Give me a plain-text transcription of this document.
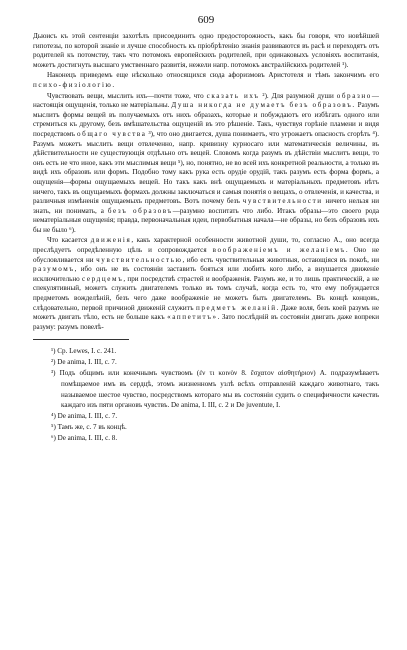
609

Дьюисъ къ этой сентенціи захотѣлъ присоединить одно предосторожность, какъ бы говоря, что новѣйшей гипотезы, по которой знаніе и лучше способность къ пріобрѣтенію знанія развиваются въ расѣ и переходятъ отъ родителей къ потомству, такъ что потомокъ европейскихъ родителей, при одинаковыхъ условіяхъ воспитанія, можетъ достигнуть высшаго умственнаго развитія, нежели напр. потомокъ австралійскихъ родителей ¹).

Наконецъ приведемъ еще нѣсколько относящихся сюда афоризмовъ Аристотеля и тѣмъ закончимъ его психо-физіологію.

Чувствовать вещи, мыслить ихъ—почти тоже, что сказать ихъ ²). Для разумной души образно—настоящія ощущенія, только не матеріальны. Душа никогда не думаетъ безъ образовъ. Разумъ мыслитъ формы вещей въ получаемыхъ отъ нихъ образахъ, которые и побуждаютъ его избѣгать одного или стремиться къ другому, безъ вмѣшательства ощущеній въ это рѣшеніе. Такъ, чувствуя горѣніе пламени и видя посредствомъ общаго чувства ³), что оно двигается, душа понимаетъ, что угрожаетъ опасность сгорѣть ⁴). Разумъ можетъ мыслить вещи отвлеченно, напр. кривизну курносаго или математическія величины, въ дѣйствительности не существующія отдѣльно отъ вещей. Словомъ когда разумъ въ дѣйствіи мыслитъ вещи, то онъ есть не что иное, какъ эти мыслимыя вещи ⁵), но, понятно, не во всей ихъ конкретной реальности, а только въ видѣ ихъ образовъ или формъ. Подобно тому какъ рука есть орудіе орудій, такъ разумъ есть форма формъ, а ощущенія—формы ощущаемыхъ вещей. Но такъ какъ внѣ ощущаемыхъ и матеріальныхъ предметовъ нѣтъ ничего, такъ въ ощущаемыхъ формахъ должны заключаться и самыя понятія о вещахъ, о отвлеченія, и качества, и различныя измѣненія ощущаемыхъ предметовъ. Вотъ почему безъ чувствительности ничего нельзя ни знать, ни понимать, а безъ образовъ—разумно воспитать что либо. Итакъ образы—это своего рода нематеріальныя ощущенія; правда, первоначальныя идеи, первобытныя начала—не образы, но безъ образовъ ихъ бы не было ⁶).

Что касается движенія, какъ характерной особенности животной души, то, согласно А., оно всегда преслѣдуетъ опредѣленную цѣль и сопровождается воображеніемъ и желаніемъ. Оно не обусловливается ни чувствительностью, ибо есть чувствительныя животныя, остающіяся въ покоѣ, ни разумомъ, ибо онъ не въ состояніи заставить бояться или любить кого либо, а внушается движеніе исключительно сердцемъ, при посредствѣ страстей и воображенія. Разумъ же, и то лишь практическій, а не спекулятивный, можетъ служить двигателемъ только въ томъ случаѣ, когда есть то, что ему побуждается предметомъ вожделѣній, безъ чего даже воображеніе не можетъ быть двигателемъ. Въ концѣ концовъ, слѣдовательно, первой причиной движеній служитъ предметъ желаній. Даже воля, безъ коей разумъ не можетъ двигать тѣло, есть не больше какъ «аппетитъ». Зато послѣдній въ состояніи двигать даже вопреки разуму: разумъ повелѣ-

¹) Ср. Lewes, I. c. 241.

²) De anima, I. III, c. 7.

³) Подъ общимъ или конечнымъ чувствомъ (ἐν τι κοινὸν 8. ἔσχατον αἰσθητήριον) А. подразумѣваетъ помѣщаемое имъ въ сердцѣ, этомъ жизненномъ узлѣ всѣхъ отправленій каждаго животнаго, такъ называемое шестое чувство, посредствомъ котораго мы въ состояніи судить о специфичности качествъ каждаго изъ пяти органовъ чувствъ. De anima, I. III, c. 2 и De juventute, I.

⁴) De anima, I. III, c. 7.

⁵) Тамъ же, c. 7 въ концѣ.

⁶) De anima, I. III, c. 8.
